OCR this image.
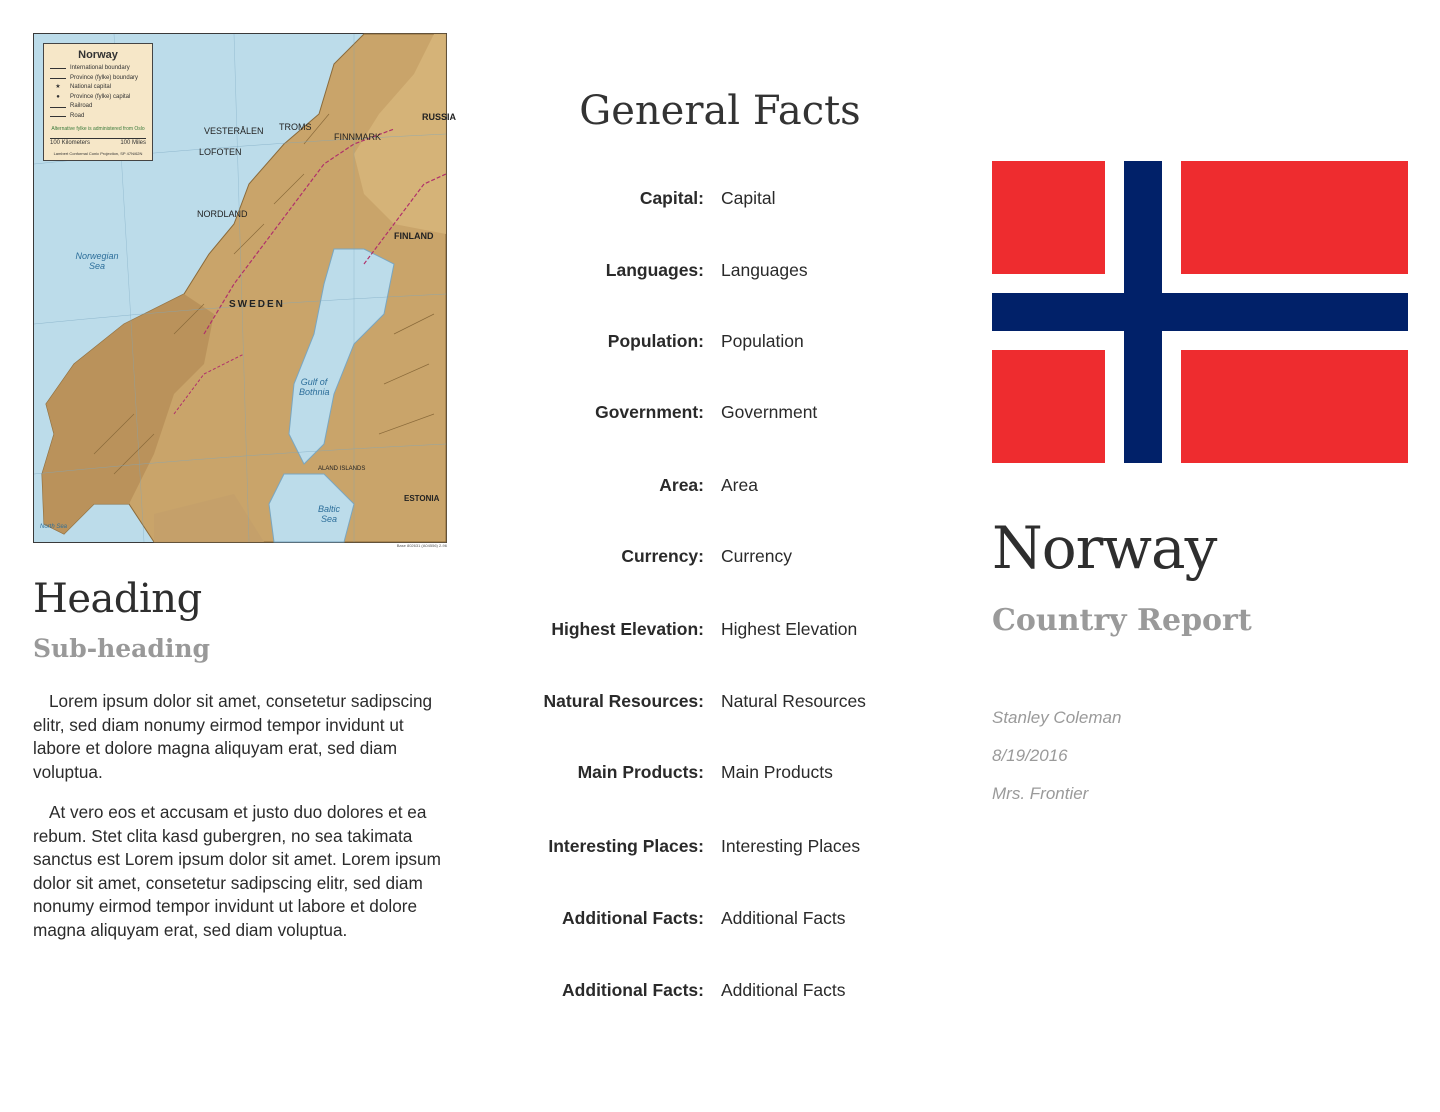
Norway
International boundary
Province (fylke) boundary
★	National capital
●	Province (fylke) capital
Railroad
Road
Alternative fylke is administered from Oslo
100 Kilometers	100 Miles
Lambert Conformal Conic Projection, SP 47N/62N
VESTERÅLEN
LOFOTEN
TROMS
FINNMARK
RUSSIA
NORDLAND
Norwegian Sea
FINLAND
SWEDEN
Gulf of Bothnia
ALAND ISLANDS
Baltic Sea
ESTONIA
North Sea
Base 802631 (A04556) 2-96
Heading
Sub-heading

Lorem ipsum dolor sit amet, consetetur sadipscing elitr, sed diam nonumy eirmod tempor invidunt ut labore et dolore magna aliquyam erat, sed diam voluptua.

At vero eos et accusam et justo duo dolores et ea rebum. Stet clita kasd gubergren, no sea takimata sanctus est Lorem ipsum dolor sit amet. Lorem ipsum dolor sit amet, consetetur sadipscing elitr, sed diam nonumy eirmod tempor invidunt ut labore et dolore magna aliquyam erat, sed diam voluptua.

General Facts
Capital: Capital
Languages: Languages
Population: Population
Government: Government
Area: Area
Currency: Currency
Highest Elevation: Highest Elevation
Natural Resources: Natural Resources
Main Products: Main Products
Interesting Places: Interesting Places
Additional Facts: Additional Facts
Additional Facts: Additional Facts
Norway
Country Report
Stanley Coleman
8/19/2016
Mrs. Frontier
